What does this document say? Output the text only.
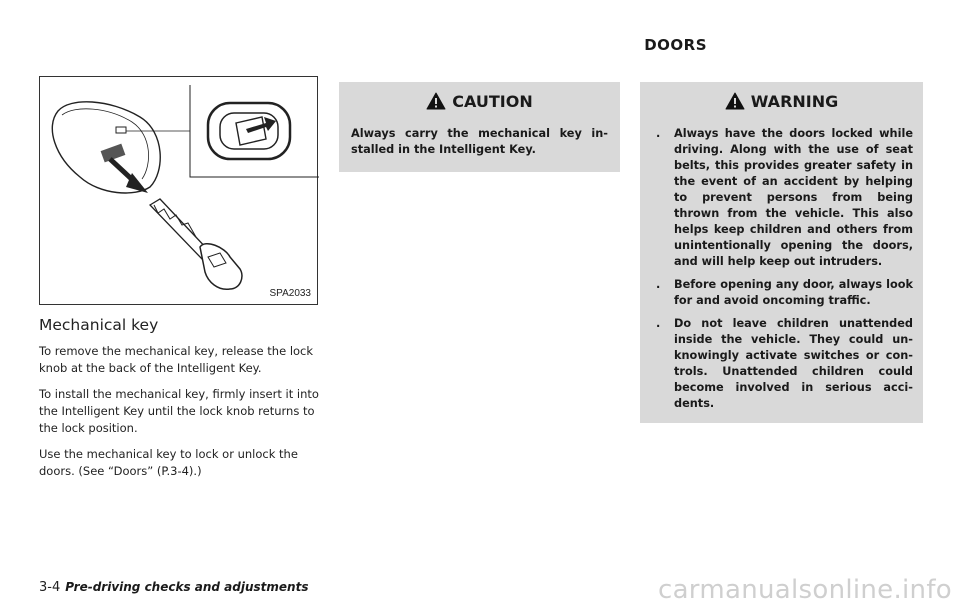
DOORS
SPA2033
Mechanical key

To remove the mechanical key, release the lock knob at the back of the Intelligent Key.

To install the mechanical key, firmly insert it into the Intelligent Key until the lock knob returns to the lock position.

Use the mechanical key to lock or unlock the doors. (See “Doors” (P.3-4).)

CAUTION
Always carry the mechanical key in-stalled in the Intelligent Key.
WARNING
. Always have the doors locked while driving. Along with the use of seat belts, this provides greater safety in the event of an accident by helping to prevent persons from being thrown from the vehicle. This also helps keep children and others from unintentionally opening the doors, and will help keep out intruders.
. Before opening any door, always look for and avoid oncoming traffic.
. Do not leave children unattended inside the vehicle. They could un-knowingly activate switches or con-trols. Unattended children could become involved in serious acci-dents.
3-4 Pre-driving checks and adjustments	carmanualsonline.info
